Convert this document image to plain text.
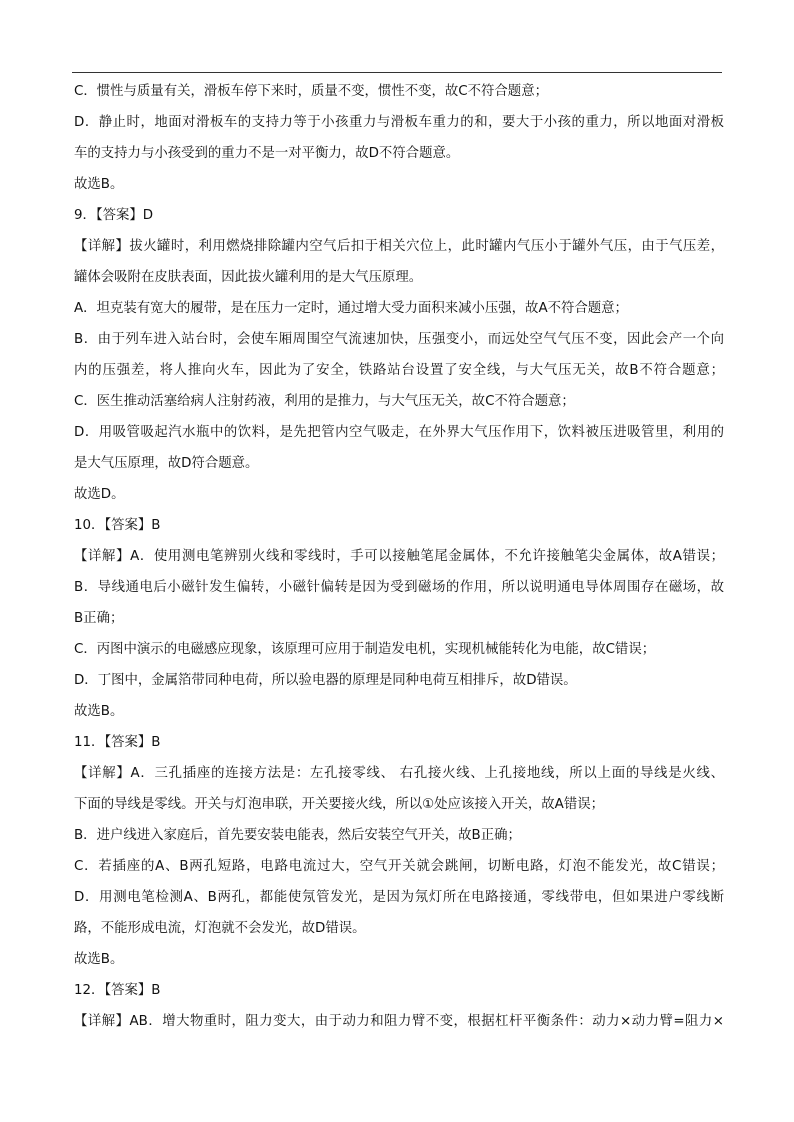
C．惯性与质量有关，滑板车停下来时，质量不变，惯性不变，故C不符合题意；
D．静止时，地面对滑板车的支持力等于小孩重力与滑板车重力的和，要大于小孩的重力，所以地面对滑板
车的支持力与小孩受到的重力不是一对平衡力，故D不符合题意。
故选B。
9．【答案】D
【详解】拔火罐时，利用燃烧排除罐内空气后扣于相关穴位上，此时罐内气压小于罐外气压，由于气压差，
罐体会吸附在皮肤表面，因此拔火罐利用的是大气压原理。
A．坦克装有宽大的履带，是在压力一定时，通过增大受力面积来减小压强，故A不符合题意；
B．由于列车进入站台时，会使车厢周围空气流速加快，压强变小，而远处空气气压不变，因此会产一个向
内的压强差，将人推向火车，因此为了安全，铁路站台设置了安全线，与大气压无关，故B不符合题意；
C．医生推动活塞给病人注射药液，利用的是推力，与大气压无关，故C不符合题意；
D．用吸管吸起汽水瓶中的饮料，是先把管内空气吸走，在外界大气压作用下，饮料被压进吸管里，利用的
是大气压原理，故D符合题意。
故选D。
10．【答案】B
【详解】A．使用测电笔辨别火线和零线时，手可以接触笔尾金属体，不允许接触笔尖金属体，故A错误；
B．导线通电后小磁针发生偏转，小磁针偏转是因为受到磁场的作用，所以说明通电导体周围存在磁场，故
B正确；
C．丙图中演示的电磁感应现象，该原理可应用于制造发电机，实现机械能转化为电能，故C错误；
D．丁图中，金属箔带同种电荷，所以验电器的原理是同种电荷互相排斥，故D错误。
故选B。
11．【答案】B
【详解】A．三孔插座的连接方法是：左孔接零线、 右孔接火线、上孔接地线，所以上面的导线是火线、
下面的导线是零线。开关与灯泡串联，开关要接火线，所以①处应该接入开关，故A错误；
B．进户线进入家庭后，首先要安装电能表，然后安装空气开关，故B正确；
C．若插座的A、B两孔短路，电路电流过大，空气开关就会跳闸，切断电路，灯泡不能发光，故C错误；
D．用测电笔检测A、B两孔，都能使氖管发光，是因为氖灯所在电路接通，零线带电，但如果进户零线断
路，不能形成电流，灯泡就不会发光，故D错误。
故选B。
12．【答案】B
【详解】AB．增大物重时，阻力变大，由于动力和阻力臂不变，根据杠杆平衡条件：动力×动力臂=阻力×
